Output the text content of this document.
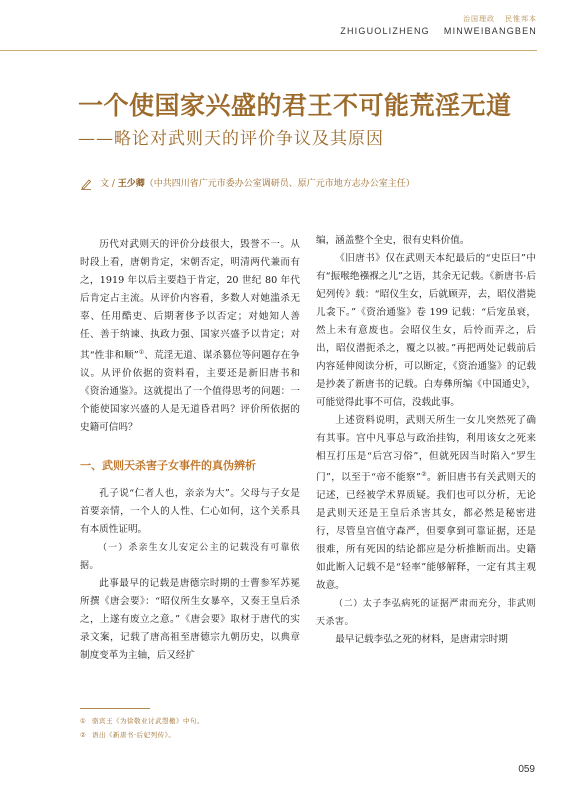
治国理政 民惟邦本
ZHIGUOLIZHENG MINWEIBANGBEN
一个使国家兴盛的君王不可能荒淫无道
——略论对武则天的评价争议及其原因
文 / 王少卿（中共四川省广元市委办公室调研员、原广元市地方志办公室主任）

历代对武则天的评价分歧很大，毁誉不一。从时段上看，唐朝肯定，宋朝否定，明清两代兼而有之，1919 年以后主要趋于肯定，20 世纪 80 年代后肯定占主流。从评价内容看，多数人对她滥杀无辜、任用酷吏、后期奢侈予以否定；对她知人善任、善于纳谏、执政力强、国家兴盛予以肯定；对其“性非和顺”①、荒淫无道、谋杀篡位等问题存在争议。从评价依据的资料看，主要还是新旧唐书和《资治通鉴》。这就提出了一个值得思考的问题：一个能使国家兴盛的人是无道昏君吗？评价所依据的史籍可信吗？

一、武则天杀害子女事件的真伪辨析

孔子说“仁者人也，亲亲为大”。父母与子女是首要亲情，一个人的人性、仁心如何，这个关系具有本质性证明。

（一）杀亲生女儿安定公主的记载没有可靠依据。

此事最早的记载是唐德宗时期的士曹参军苏冕所撰《唐会要》：“昭仪所生女暴卒，又奏王皇后杀之，上遂有废立之意。”《唐会要》取材于唐代的实录文案，记载了唐高祖至唐德宗九朝历史，以典章制度变革为主轴，后又经扩

编，涵盖整个全史，很有史料价值。

《旧唐书》仅在武则天本纪最后的“史臣曰”中有“振喉绝襁褓之儿”之语，其余无记载。《新唐书·后妃列传》载：“昭仪生女，后就顾弄，去，昭仪潜毙儿衾下。”《资治通鉴》卷 199 记载：“后宠虽衰，然上未有意废也。会昭仪生女，后怜而弄之，后出，昭仪潜扼杀之，覆之以被。”再把两处记载前后内容延伸阅读分析，可以断定，《资治通鉴》的记载是抄袭了新唐书的记载。白寿彝所编《中国通史》，可能觉得此事不可信，没载此事。

上述资料说明，武则天所生一女儿突然死了确有其事。宫中凡事总与政治挂钩，利用该女之死来相互打压是“后宫习俗”，但就死因当时陷入“罗生门”，以至于“帝不能察”②。新旧唐书有关武则天的记述，已经被学术界质疑。我们也可以分析，无论是武则天还是王皇后杀害其女，都必然是秘密进行，尽管皇宫值守森严，但要拿到可靠证据，还是很难，所有死因的结论都应是分析推断而出。史籍如此断入记载不是“轻率”能够解释，一定有其主观故意。

（二）太子李弘病死的证据严肃而充分，非武则天杀害。

最早记载李弘之死的材料，是唐肃宗时期

① 骆宾王《为徐敬业讨武曌檄》中句。
② 语出《新唐书·后妃列传》。
059
